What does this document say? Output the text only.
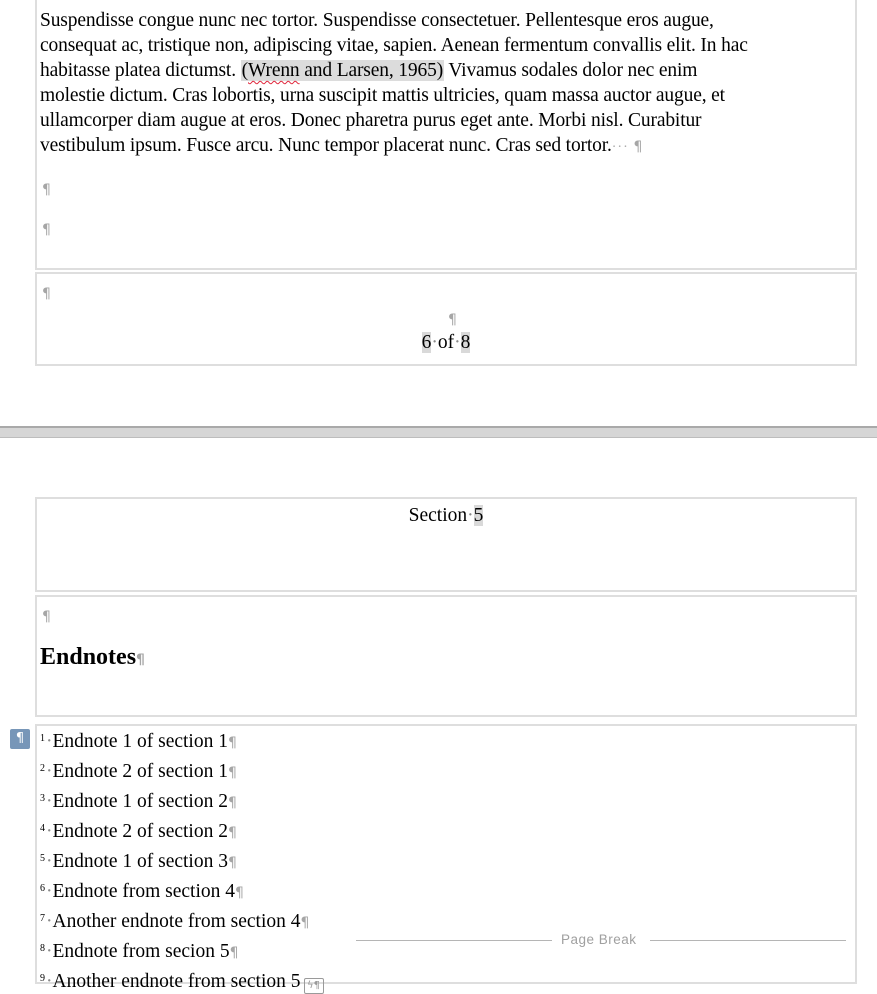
Suspendisse congue nunc nec tortor. Suspendisse consectetuer. Pellentesque eros augue,
consequat ac, tristique non, adipiscing vitae, sapien. Aenean fermentum convallis elit. In hac
habitasse platea dictumst. (Wrenn and Larsen, 1965) Vivamus sodales dolor nec enim
molestie dictum. Cras lobortis, urna suscipit mattis ultricies, quam massa auctor augue, et
ullamcorper diam augue at eros. Donec pharetra purus eget ante. Morbi nisl. Curabitur
vestibulum ipsum. Fusce arcu. Nunc tempor placerat nunc. Cras sed tortor.··· ¶
¶
¶
¶
¶
6·of·8
Section·5
¶
Endnotes¶
¶	$^1$·Endnote 1 of section 1¶
$^2$·Endnote 2 of section 1¶
$^3$·Endnote 1 of section 2¶
$^4$·Endnote 2 of section 2¶
$^5$·Endnote 1 of section 3¶
$^6$·Endnote from section 4¶
$^7$·Another endnote from section 4¶
$^8$·Endnote from secion 5¶
$^9$·Another endnote from section 5 ϟ¶
Page Break
